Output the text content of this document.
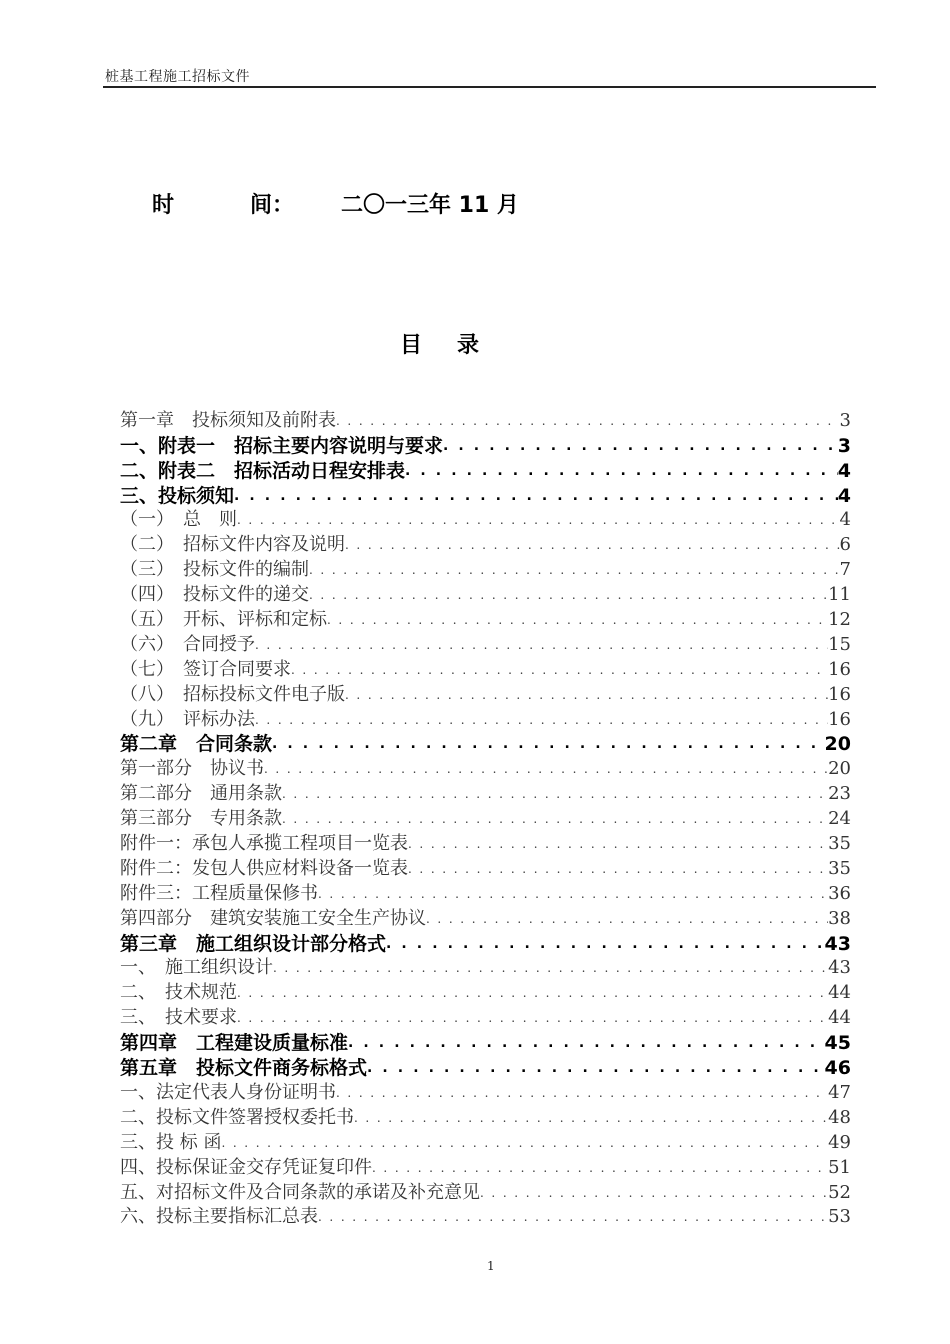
桩基工程施工招标文件
时	间： 二〇一三年 11 月
目 录
第一章　投标须知及前附表 . . .	3
一、附表一　招标主要内容说明与要求 . . .	3
二、附表二　招标活动日程安排表 . . .	4
三、投标须知 . . .	4
（一）　总　则 . . .	4
（二）　招标文件内容及说明 . . .	6
（三）　投标文件的编制 . . .	7
（四）　投标文件的递交 . . .	11
（五）　开标、评标和定标 . . .	12
（六）　合同授予 . . .	15
（七）　签订合同要求 . . .	16
（八）　招标投标文件电子版 . . .	16
（九）　评标办法 . . .	16
第二章　合同条款 . . .	20
第一部分　协议书 . . .	20
第二部分　通用条款 . . .	23
第三部分　专用条款 . . .	24
附件一：承包人承揽工程项目一览表 . . .	35
附件二：发包人供应材料设备一览表 . . .	35
附件三：工程质量保修书 . . .	36
第四部分　建筑安装施工安全生产协议 . . .	38
第三章　施工组织设计部分格式 . . .	43
一、　施工组织设计 . . .	43
二、　技术规范 . . .	44
三、　技术要求 . . .	44
第四章　工程建设质量标准 . . .	45
第五章　投标文件商务标格式 . . .	46
一、法定代表人身份证明书 . . .	47
二、投标文件签署授权委托书 . . .	48
三、投 标 函 . . .	49
四、投标保证金交存凭证复印件 . . .	51
五、对招标文件及合同条款的承诺及补充意见 . . .	52
六、投标主要指标汇总表 . . .	53
1
